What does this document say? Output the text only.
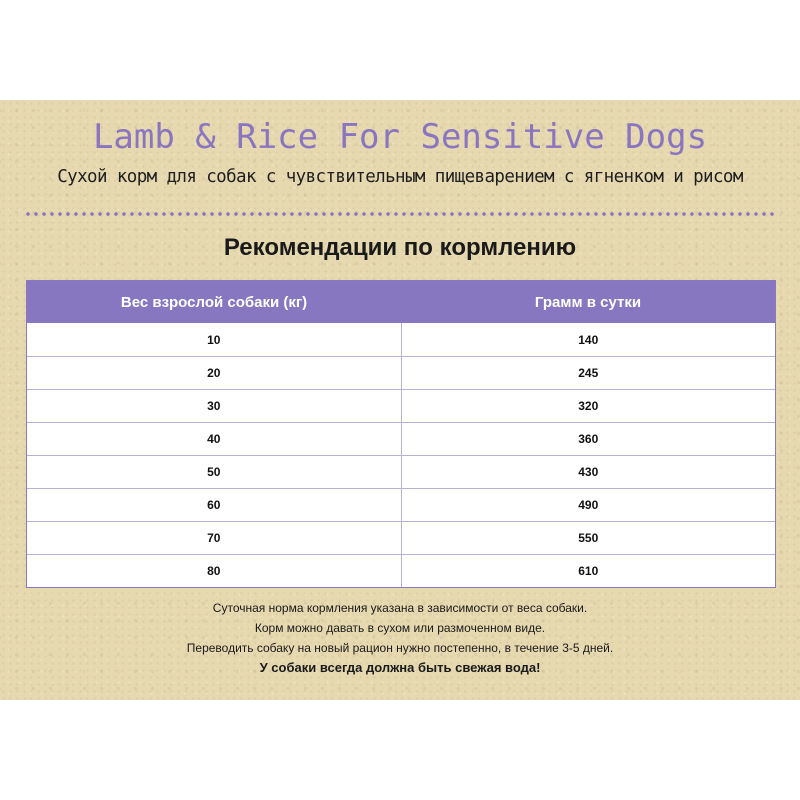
Lamb & Rice For Sensitive Dogs
Сухой корм для собак с чувствительным пищеварением с ягненком и рисом
Рекомендации по кормлению
Вес взрослой собаки (кг)	Грамм в сутки
10	140
20	245
30	320
40	360
50	430
60	490
70	550
80	610
Суточная норма кормления указана в зависимости от веса собаки.
Корм можно давать в сухом или размоченном виде.
Переводить собаку на новый рацион нужно постепенно, в течение 3-5 дней.
У собаки всегда должна быть свежая вода!
